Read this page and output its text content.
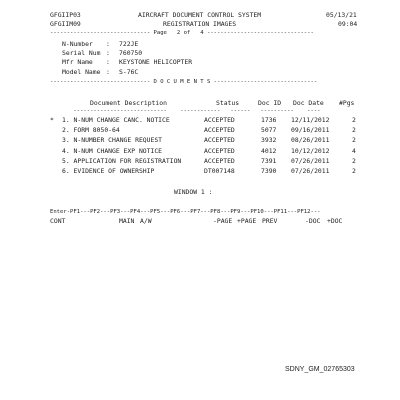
GFGIIP03	AIRCRAFT DOCUMENT CONTROL SYSTEM	05/13/21
GFGIIM09	REGISTRATION IMAGES	09:04
------------------------------ Page   2 of   4 --------------------------------
N-Number : 722JE
Serial Num : 760750
Mfr Name : KEYSTONE HELICOPTER
Model Name : S-76C
------------------------------ D O C U M E N T S -------------------------------
Document Description	Status	Doc ID Doc Date #Pgs
----------------------------    ------------   ------   ----------    ----
* 1. N-NUM CHANGE CANC. NOTICE	ACCEPTED	1736 12/11/2012	2
2. FORM 8050-64	ACCEPTED	5077 09/16/2011	2
3. N-NUMBER CHANGE REQUEST	ACCEPTED	3932 08/26/2011	2
4. N-NUM CHANGE EXP NOTICE	ACCEPTED	4012 10/12/2012	4
5. APPLICATION FOR REGISTRATION	ACCEPTED	7391 07/26/2011	2
6. EVIDENCE OF OWNERSHIP	DT007148	7390 07/26/2011	2
WINDOW 1 :
Enter-PF1---PF2---PF3---PF4---PF5---PF6---PF7---PF8---PF9---PF10---PF11---PF12---
CONT	MAIN A/W	-PAGE +PAGE PREV	-DOC +DOC
SDNY_GM_02765303
